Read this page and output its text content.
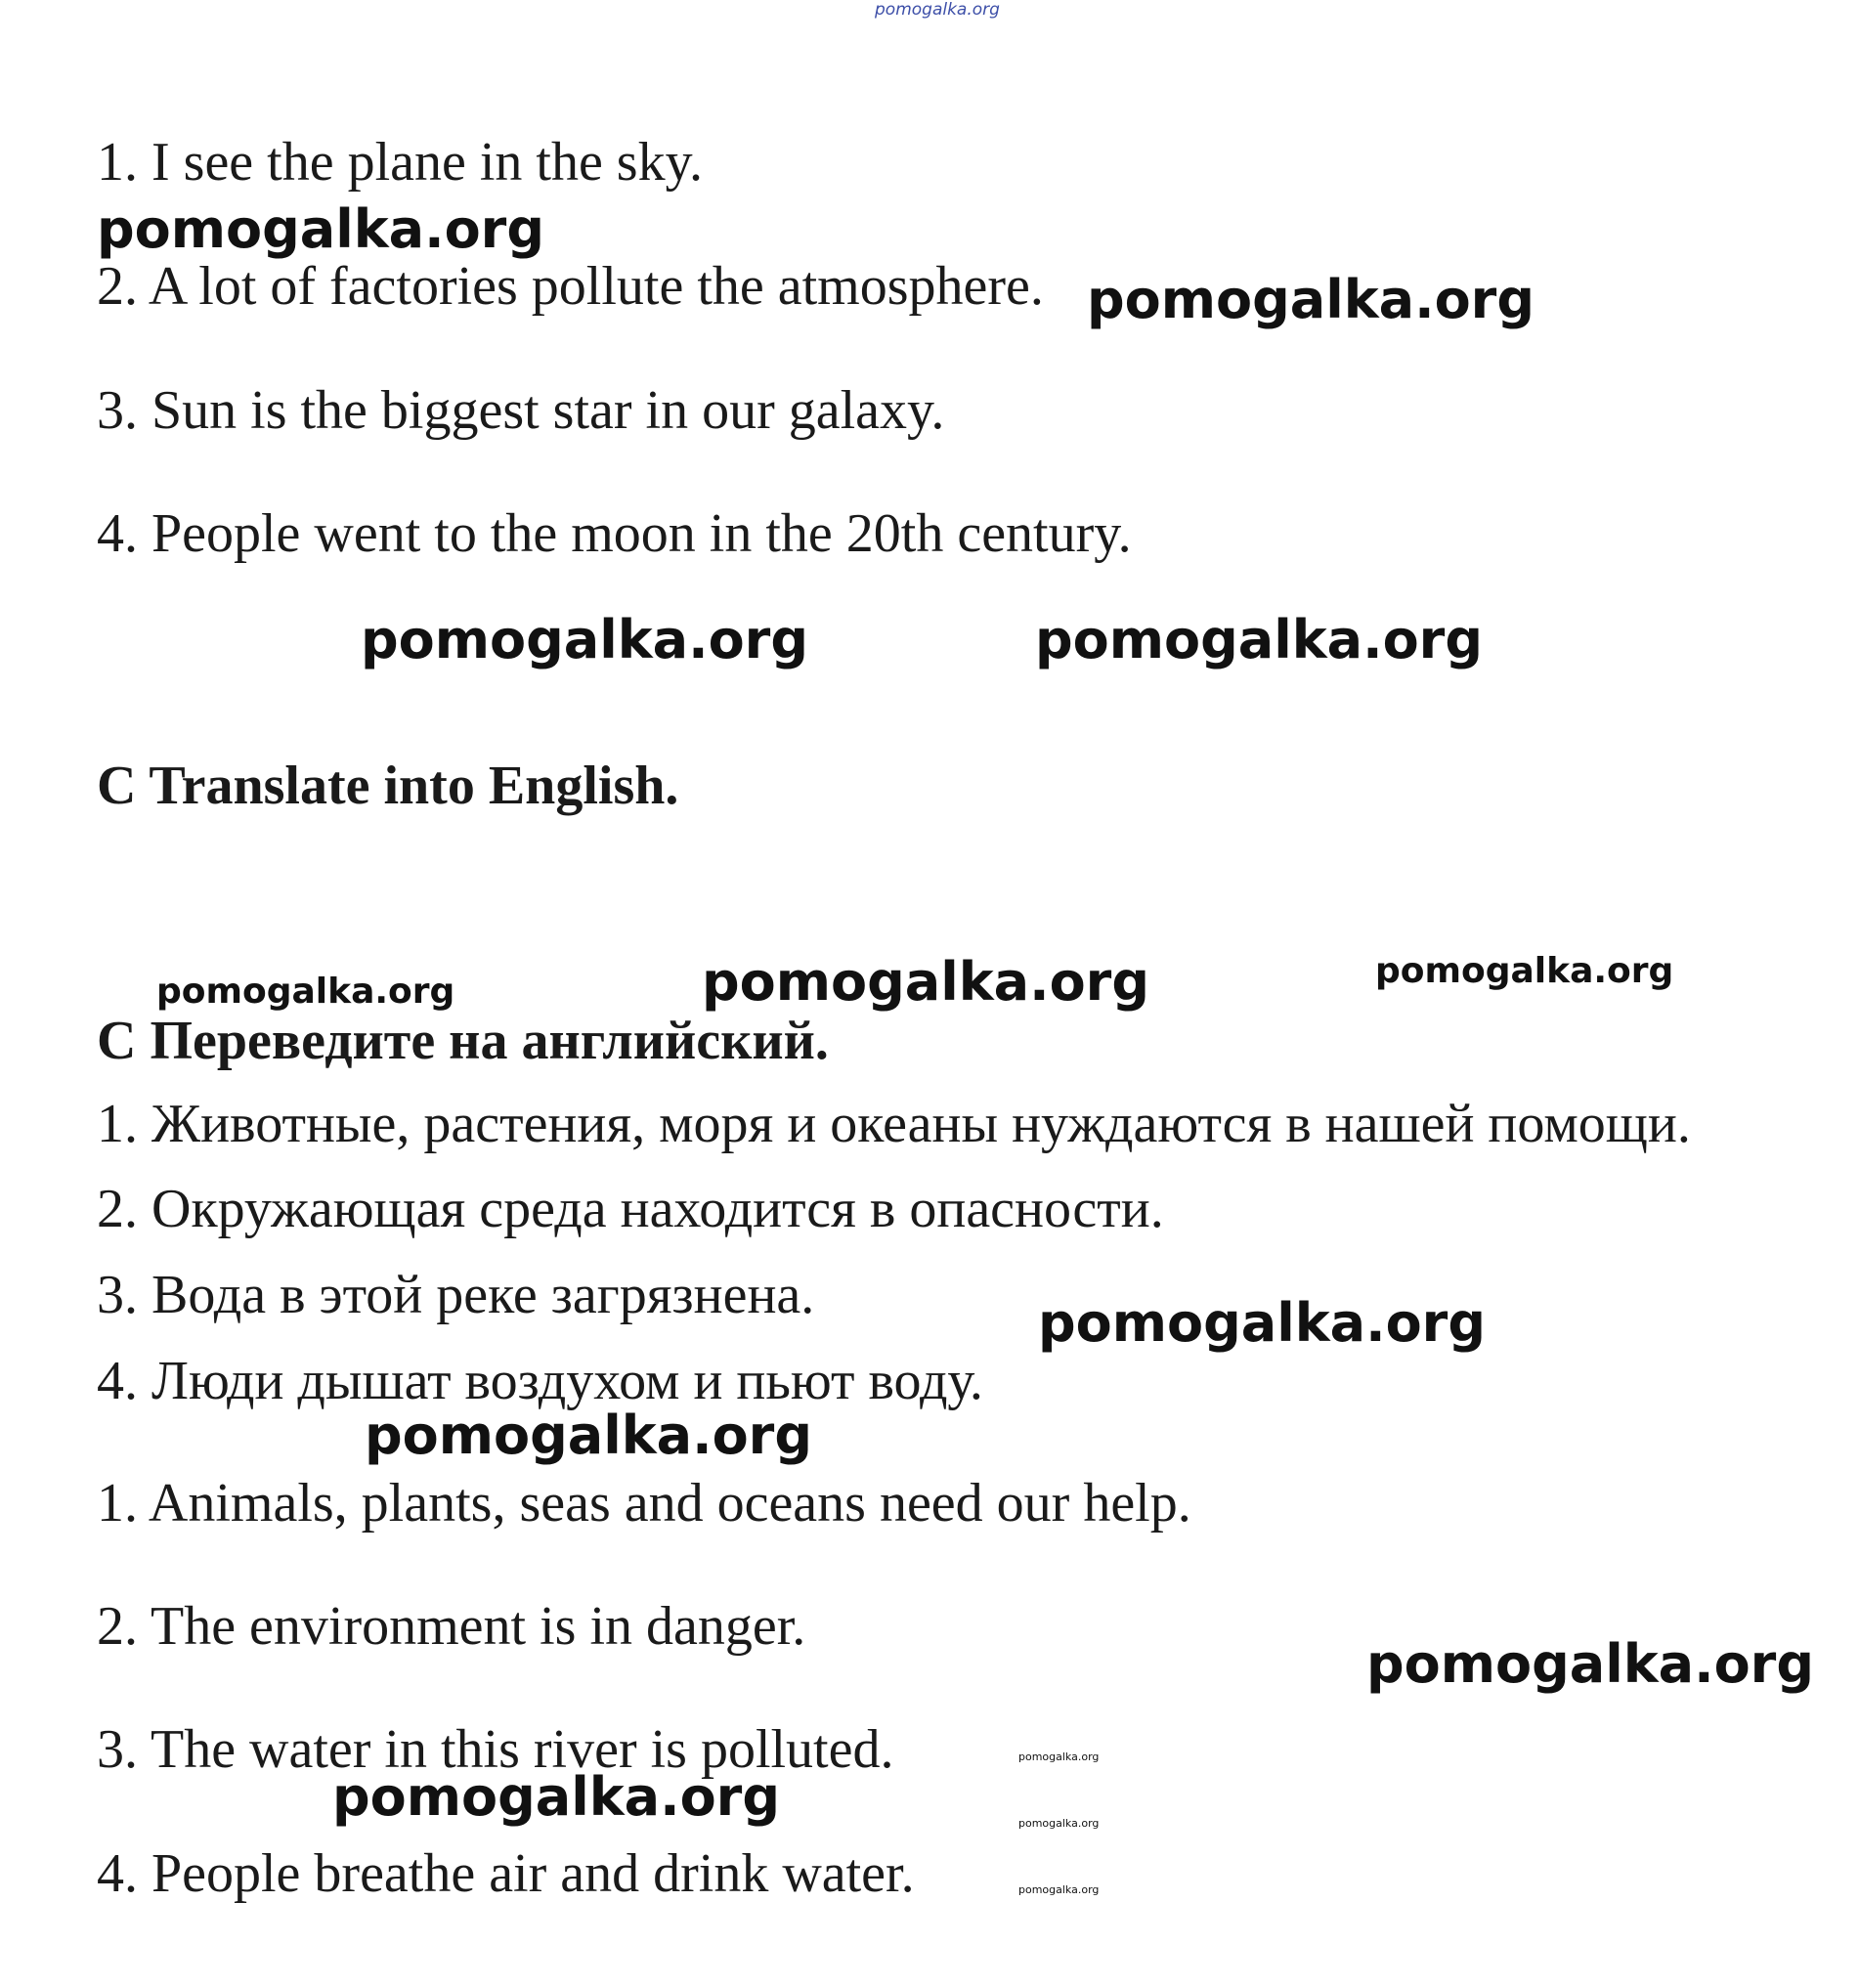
pomogalka.org
1. I see the plane in the sky.
pomogalka.org
2. A lot of factories pollute the atmosphere. pomogalka.org
3. Sun is the biggest star in our galaxy.
4. People went to the moon in the 20th century.
pomogalka.org	pomogalka.org
C Translate into English.
pomogalka.org	pomogalka.org	pomogalka.org
C Переведите на английский.
1. Животные, растения, моря и океаны нуждаются в нашей помощи.
2. Окружающая среда находится в опасности.
3. Вода в этой реке загрязнена.	pomogalka.org
4. Люди дышат воздухом и пьют воду.
pomogalka.org
1. Animals, plants, seas and oceans need our help.
2. The environment is in danger.
pomogalka.org
3. The water in this river is polluted.
pomogalka.org
4. People breathe air and drink water.
pomogalka.org
pomogalka.org
pomogalka.org
